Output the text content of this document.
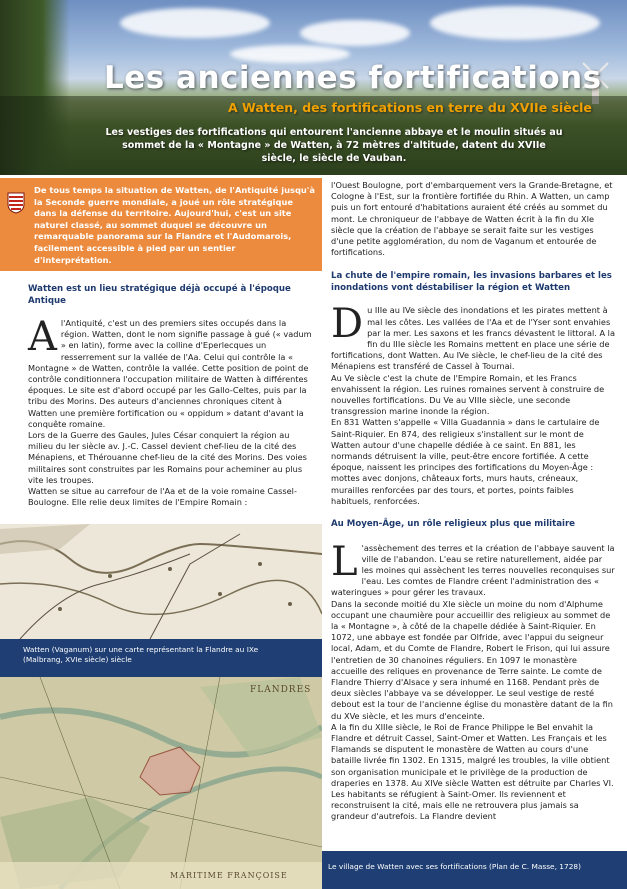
Les anciennes fortifications
A Watten, des fortifications en terre du XVIIe siècle
Les vestiges des fortifications qui entourent l'ancienne abbaye et le moulin situés au sommet de la « Montagne » de Watten, à 72 mètres d'altitude, datent du XVIIe siècle, le siècle de Vauban.
De tous temps la situation de Watten, de l'Antiquité jusqu'à la Seconde guerre mondiale, a joué un rôle stratégique dans la défense du territoire. Aujourd'hui, c'est un site naturel classé, au sommet duquel se découvre un remarquable panorama sur la Flandre et l'Audomarois, facilement accessible à pied par un sentier d'interprétation.
Watten est un lieu stratégique déjà occupé à l'époque Antique

Al'Antiquité, c'est un des premiers sites occupés dans la région. Watten, dont le nom signifie passage à gué (« vadum » en latin), forme avec la colline d'Eperlecques un resserrement sur la vallée de l'Aa. Celui qui contrôle la « Montagne » de Watten, contrôle la vallée. Cette position de point de contrôle conditionnera l'occupation militaire de Watten à différentes époques. Le site est d'abord occupé par les Gallo-Celtes, puis par la tribu des Morins. Des auteurs d'anciennes chroniques citent à Watten une première fortification ou « oppidum » datant d'avant la conquête romaine.

Lors de la Guerre des Gaules, Jules César conquiert la région au milieu du Ier siècle av. J.-C. Cassel devient chef-lieu de la cité des Ménapiens, et Thérouanne chef-lieu de la cité des Morins. Des voies militaires sont construites par les Romains pour acheminer au plus vite les troupes.

Watten se situe au carrefour de l'Aa et de la voie romaine Cassel-Boulogne. Elle relie deux limites de l'Empire Romain :

Watten (Vaganum) sur une carte représentant la Flandre au IXe (Malbrang, XVIe siècle) siècle
FLANDRES
MARITIME FRANÇOISE

l'Ouest Boulogne, port d'embarquement vers la Grande-Bretagne, et Cologne à l'Est, sur la frontière fortifiée du Rhin. A Watten, un camp puis un fort entouré d'habitations auraient été créés au sommet du mont. Le chroniqueur de l'abbaye de Watten écrit à la fin du XIe siècle que la création de l'abbaye se serait faite sur les vestiges d'une petite agglomération, du nom de Vaganum et entourée de fortifications.

La chute de l'empire romain, les invasions barbares et les inondations vont déstabiliser la région et Watten

Du IIIe au IVe siècle des inondations et les pirates mettent à mal les côtes. Les vallées de l'Aa et de l'Yser sont envahies par la mer. Les saxons et les francs dévastent le littoral. A la fin du IIIe siècle les Romains mettent en place une série de fortifications, dont Watten. Au IVe siècle, le chef-lieu de la cité des Ménapiens est transféré de Cassel à Tournai.

Au Ve siècle c'est la chute de l'Empire Romain, et les Francs envahissent la région. Les ruines romaines servent à construire de nouvelles fortifications. Du Ve au VIIIe siècle, une seconde transgression marine inonde la région.

En 831 Watten s'appelle « Villa Guadannia » dans le cartulaire de Saint-Riquier. En 874, des religieux s'installent sur le mont de Watten autour d'une chapelle dédiée à ce saint. En 881, les normands détruisent la ville, peut-être encore fortifiée. A cette époque, naissent les principes des fortifications du Moyen-Âge : mottes avec donjons, châteaux forts, murs hauts, créneaux, murailles renforcées par des tours, et portes, points faibles habituels, renforcées.

Au Moyen-Âge, un rôle religieux plus que militaire

L 'assèchement des terres et la création de l'abbaye sauvent la ville de l'abandon. L'eau se retire naturellement, aidée par les moines qui assèchent les terres nouvelles reconquises sur l'eau. Les comtes de Flandre créent l'administration des « wateringues » pour gérer les travaux.

Dans la seconde moitié du XIe siècle un moine du nom d'Alphume occupant une chaumière pour accueillir des religieux au sommet de la « Montagne », à côté de la chapelle dédiée à Saint-Riquier. En 1072, une abbaye est fondée par Olfride, avec l'appui du seigneur local, Adam, et du Comte de Flandre, Robert le Frison, qui lui assure l'entretien de 30 chanoines réguliers. En 1097 le monastère accueille des reliques en provenance de Terre sainte. Le comte de Flandre Thierry d'Alsace y sera inhumé en 1168. Pendant près de deux siècles l'abbaye va se développer. Le seul vestige de resté debout est la tour de l'ancienne église du monastère datant de la fin du XVe siècle, et les murs d'enceinte.

A la fin du XIIIe siècle, le Roi de France Philippe le Bel envahit la Flandre et détruit Cassel, Saint-Omer et Watten. Les Français et les Flamands se disputent le monastère de Watten au cours d'une bataille livrée fin 1302. En 1315, malgré les troubles, la ville obtient son organisation municipale et le privilège de la production de draperies en 1378. Au XIVe siècle Watten est détruite par Charles VI. Les habitants se réfugient à Saint-Omer. Ils reviennent et reconstruisent la cité, mais elle ne retrouvera plus jamais sa grandeur d'autrefois. La Flandre devient

Le village de Watten avec ses fortifications (Plan de C. Masse, 1728)
